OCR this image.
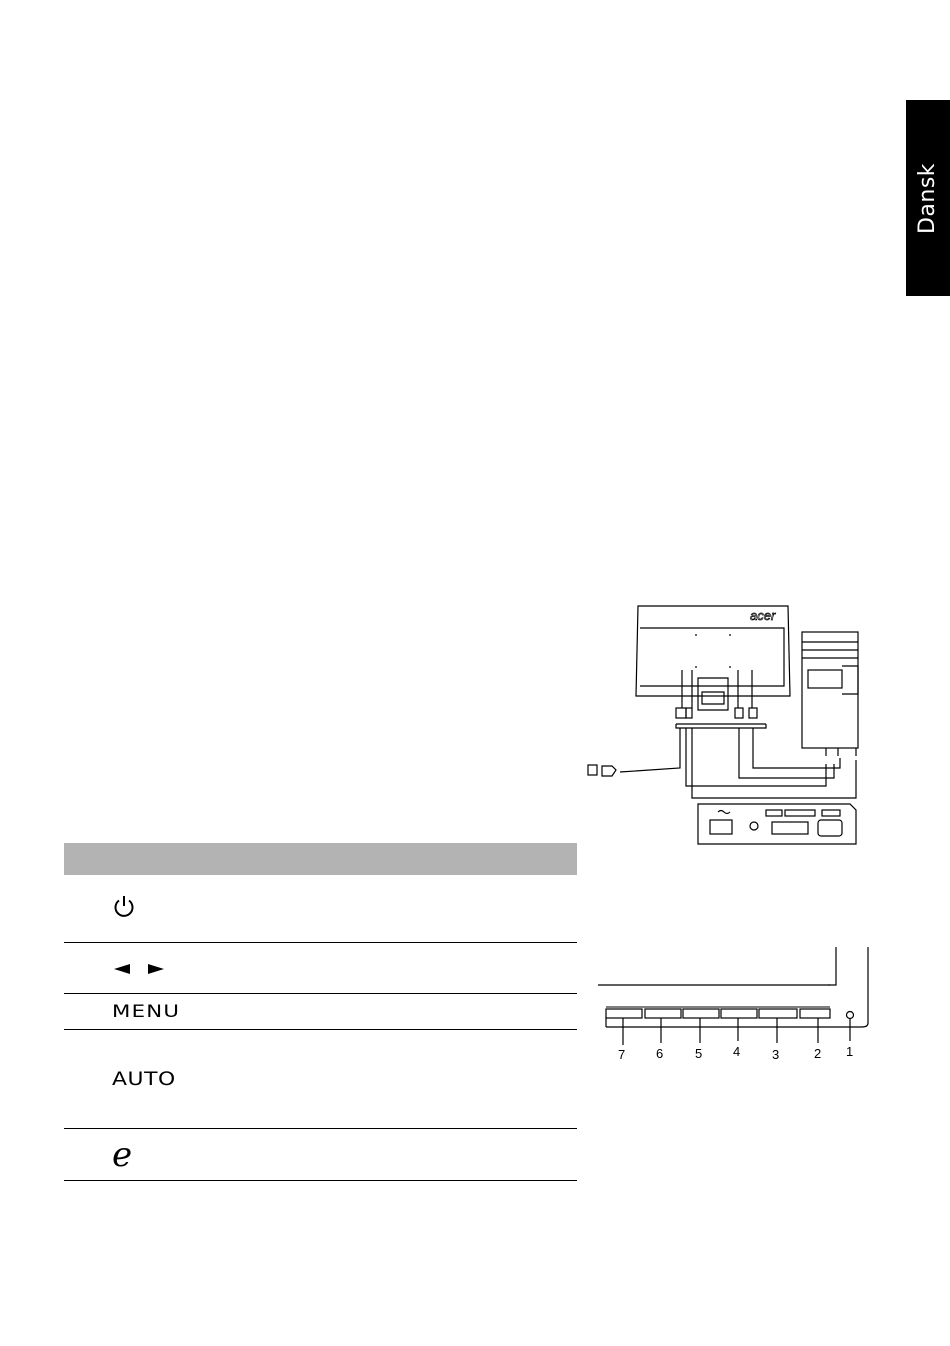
Dansk
acer
7 6 5 4 3	2 1

	MENU
	AUTO
	e
